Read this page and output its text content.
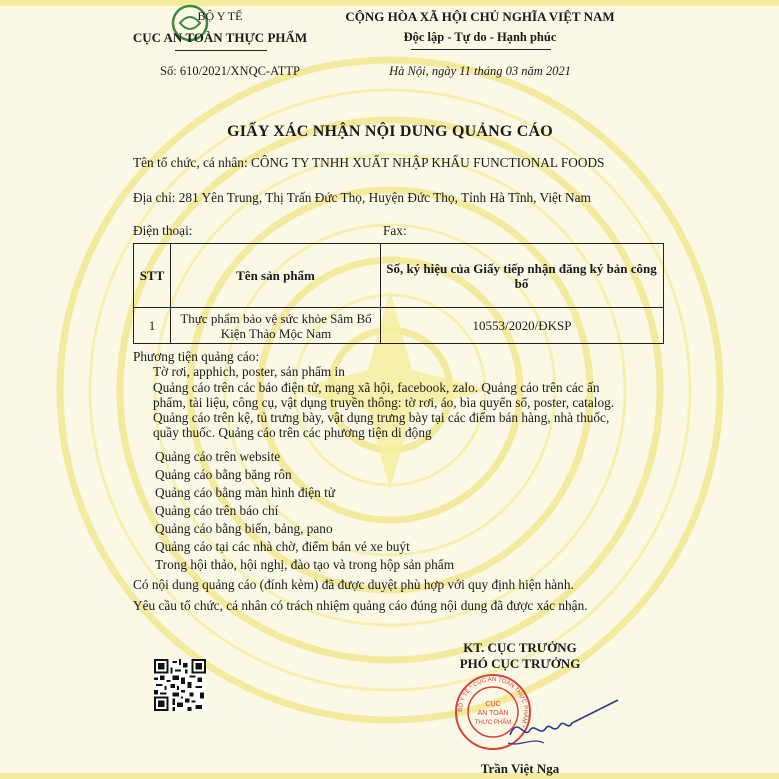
BỘ Y TẾ
CỤC AN TOÀN THỰC PHẨM
Số: 610/2021/XNQC-ATTP
CỘNG HÒA XÃ HỘI CHỦ NGHĨA VIỆT NAM
Độc lập - Tự do - Hạnh phúc
Hà Nội, ngày 11 tháng 03 năm 2021
GIẤY XÁC NHẬN NỘI DUNG QUẢNG CÁO
Tên tổ chức, cá nhân: CÔNG TY TNHH XUẤT NHẬP KHẨU FUNCTIONAL FOODS
Địa chỉ: 281 Yên Trung, Thị Trấn Đức Thọ, Huyện Đức Thọ, Tỉnh Hà Tĩnh, Việt Nam
Điện thoại:	Fax:
STT	Tên sản phẩm	Số, ký hiệu của Giấy tiếp nhận đăng ký bản công bố
1	Thực phẩm bảo vệ sức khỏe Sâm Bổ Kiện Thảo Mộc Nam	10553/2020/ĐKSP
Phương tiện quảng cáo:
Tờ rơi, apphich, poster, sản phẩm in
Quảng cáo trên các báo điện tử, mạng xã hội, facebook, zalo. Quảng cáo trên các ấn phẩm, tài liệu, công cụ, vật dụng truyền thông: tờ rơi, áo, bìa quyển sổ, poster, catalog. Quảng cáo trên kệ, tủ trưng bày, vật dụng trưng bày tại các điểm bán hàng, nhà thuốc, quầy thuốc. Quảng cáo trên các phương tiện di động
Quảng cáo trên website
Quảng cáo bằng băng rôn
Quảng cáo bằng màn hình điện tử
Quảng cáo trên báo chí
Quảng cáo bằng biển, bảng, pano
Quảng cáo tại các nhà chờ, điểm bán vé xe buýt
Trong hội thảo, hội nghị, đào tạo và trong hộp sản phẩm
Có nội dung quảng cáo (đính kèm) đã được duyệt phù hợp với quy định hiện hành.
Yêu cầu tổ chức, cá nhân có trách nhiệm quảng cáo đúng nội dung đã được xác nhận.
KT. CỤC TRƯỞNG
PHÓ CỤC TRƯỞNG
BỘ Y TẾ * CỤC AN TOÀN THỰC PHẨM *
CỤC
AN TOÀN
THỰC PHẨM
Trần Việt Nga
